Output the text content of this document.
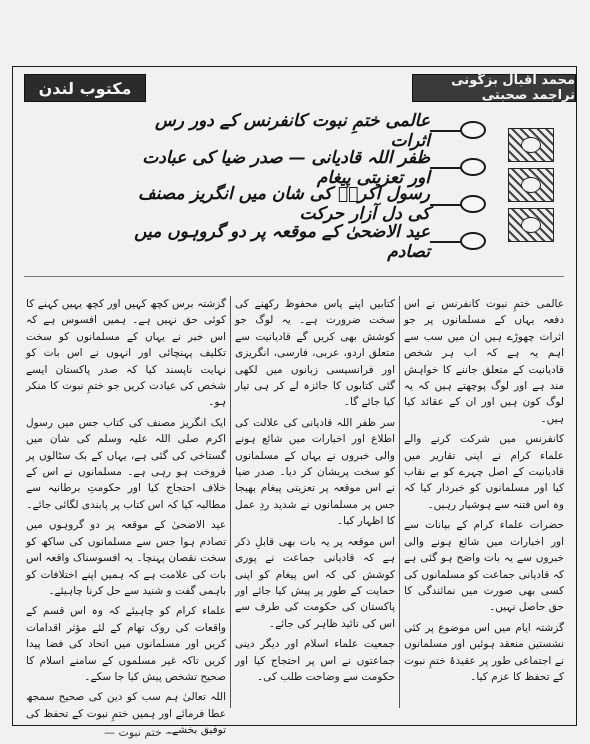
محمد اقبال بزگونی تراجمد صحبتی
مکتوب لندن
عالمی ختمِ نبوت کانفرنس کے دور رس اثرات
ظفر اللہ قادیانی — صدر ضیا کی عبادت اور تعزیتی پیغام
رسول اکرمؐ کی شان میں انگریز مصنف کی دل آزار حرکت
عید الاضحیٰ کے موقعہ پر دو گروہوں میں تصادم

عالمی ختمِ نبوت کانفرنس نے اس دفعہ یہاں کے مسلمانوں پر جو اثرات چھوڑے ہیں ان میں سب سے اہم یہ ہے کہ اب ہر شخص قادیانیت کے متعلق جاننے کا خواہش مند ہے اور لوگ پوچھتے ہیں کہ یہ لوگ کون ہیں اور ان کے عقائد کیا ہیں۔

کانفرنس میں شرکت کرنے والے علماء کرام نے اپنی تقاریر میں قادیانیت کے اصل چہرے کو بے نقاب کیا اور مسلمانوں کو خبردار کیا کہ وہ اس فتنہ سے ہوشیار رہیں۔

حضرات علماء کرام کے بیانات سے اور اخبارات میں شائع ہونے والی خبروں سے یہ بات واضح ہو گئی ہے کہ قادیانی جماعت کو مسلمانوں کی کسی بھی صورت میں نمائندگی کا حق حاصل نہیں۔

گزشتہ ایام میں اس موضوع پر کئی نشستیں منعقد ہوئیں اور مسلمانوں نے اجتماعی طور پر عقیدۂ ختمِ نبوت کے تحفظ کا عزم کیا۔

کتابیں اپنے پاس محفوظ رکھنے کی سخت ضرورت ہے۔ یہ لوگ جو کوشش بھی کریں گے قادیانیت سے متعلق اردو، عربی، فارسی، انگریزی اور فرانسیسی زبانوں میں لکھی گئی کتابوں کا جائزہ لے کر ہی تیار کیا جائے گا۔

سر ظفر اللہ قادیانی کی علالت کی اطلاع اور اخبارات میں شائع ہونے والی خبروں نے یہاں کے مسلمانوں کو سخت پریشان کر دیا۔ صدر ضیا نے اس موقعہ پر تعزیتی پیغام بھیجا جس پر مسلمانوں نے شدید ردِ عمل کا اظہار کیا۔

اس موقعہ پر یہ بات بھی قابلِ ذکر ہے کہ قادیانی جماعت نے پوری کوشش کی کہ اس پیغام کو اپنی حمایت کے طور پر پیش کیا جائے اور پاکستان کی حکومت کی طرف سے اس کی تائید ظاہر کی جائے۔

جمعیت علماء اسلام اور دیگر دینی جماعتوں نے اس پر احتجاج کیا اور حکومت سے وضاحت طلب کی۔

گزشتہ برس کچھ کہیں اور کچھ یہیں کہنے کا کوئی حق نہیں ہے۔ ہمیں افسوس ہے کہ اس خبر نے یہاں کے مسلمانوں کو سخت تکلیف پہنچائی اور انہوں نے اس بات کو نہایت ناپسند کیا کہ صدر پاکستان ایسے شخص کی عیادت کریں جو ختمِ نبوت کا منکر ہو۔

ایک انگریز مصنف کی کتاب جس میں رسول اکرم صلی اللہ علیہ وسلم کی شان میں گستاخی کی گئی ہے، یہاں کے بک سٹالوں پر فروخت ہو رہی ہے۔ مسلمانوں نے اس کے خلاف احتجاج کیا اور حکومتِ برطانیہ سے مطالبہ کیا کہ اس کتاب پر پابندی لگائی جائے۔

عید الاضحیٰ کے موقعہ پر دو گروہوں میں تصادم ہوا جس سے مسلمانوں کی ساکھ کو سخت نقصان پہنچا۔ یہ افسوسناک واقعہ اس بات کی علامت ہے کہ ہمیں اپنے اختلافات کو باہمی گفت و شنید سے حل کرنا چاہیئے۔

علماء کرام کو چاہیئے کہ وہ اس قسم کے واقعات کی روک تھام کے لئے مؤثر اقدامات کریں اور مسلمانوں میں اتحاد کی فضا پیدا کریں تاکہ غیر مسلموں کے سامنے اسلام کا صحیح تشخص پیش کیا جا سکے۔

اللہ تعالیٰ ہم سب کو دین کی صحیح سمجھ عطا فرمائے اور ہمیں ختمِ نبوت کے تحفظ کی توفیق بخشے۔

— ختم نبوت —
